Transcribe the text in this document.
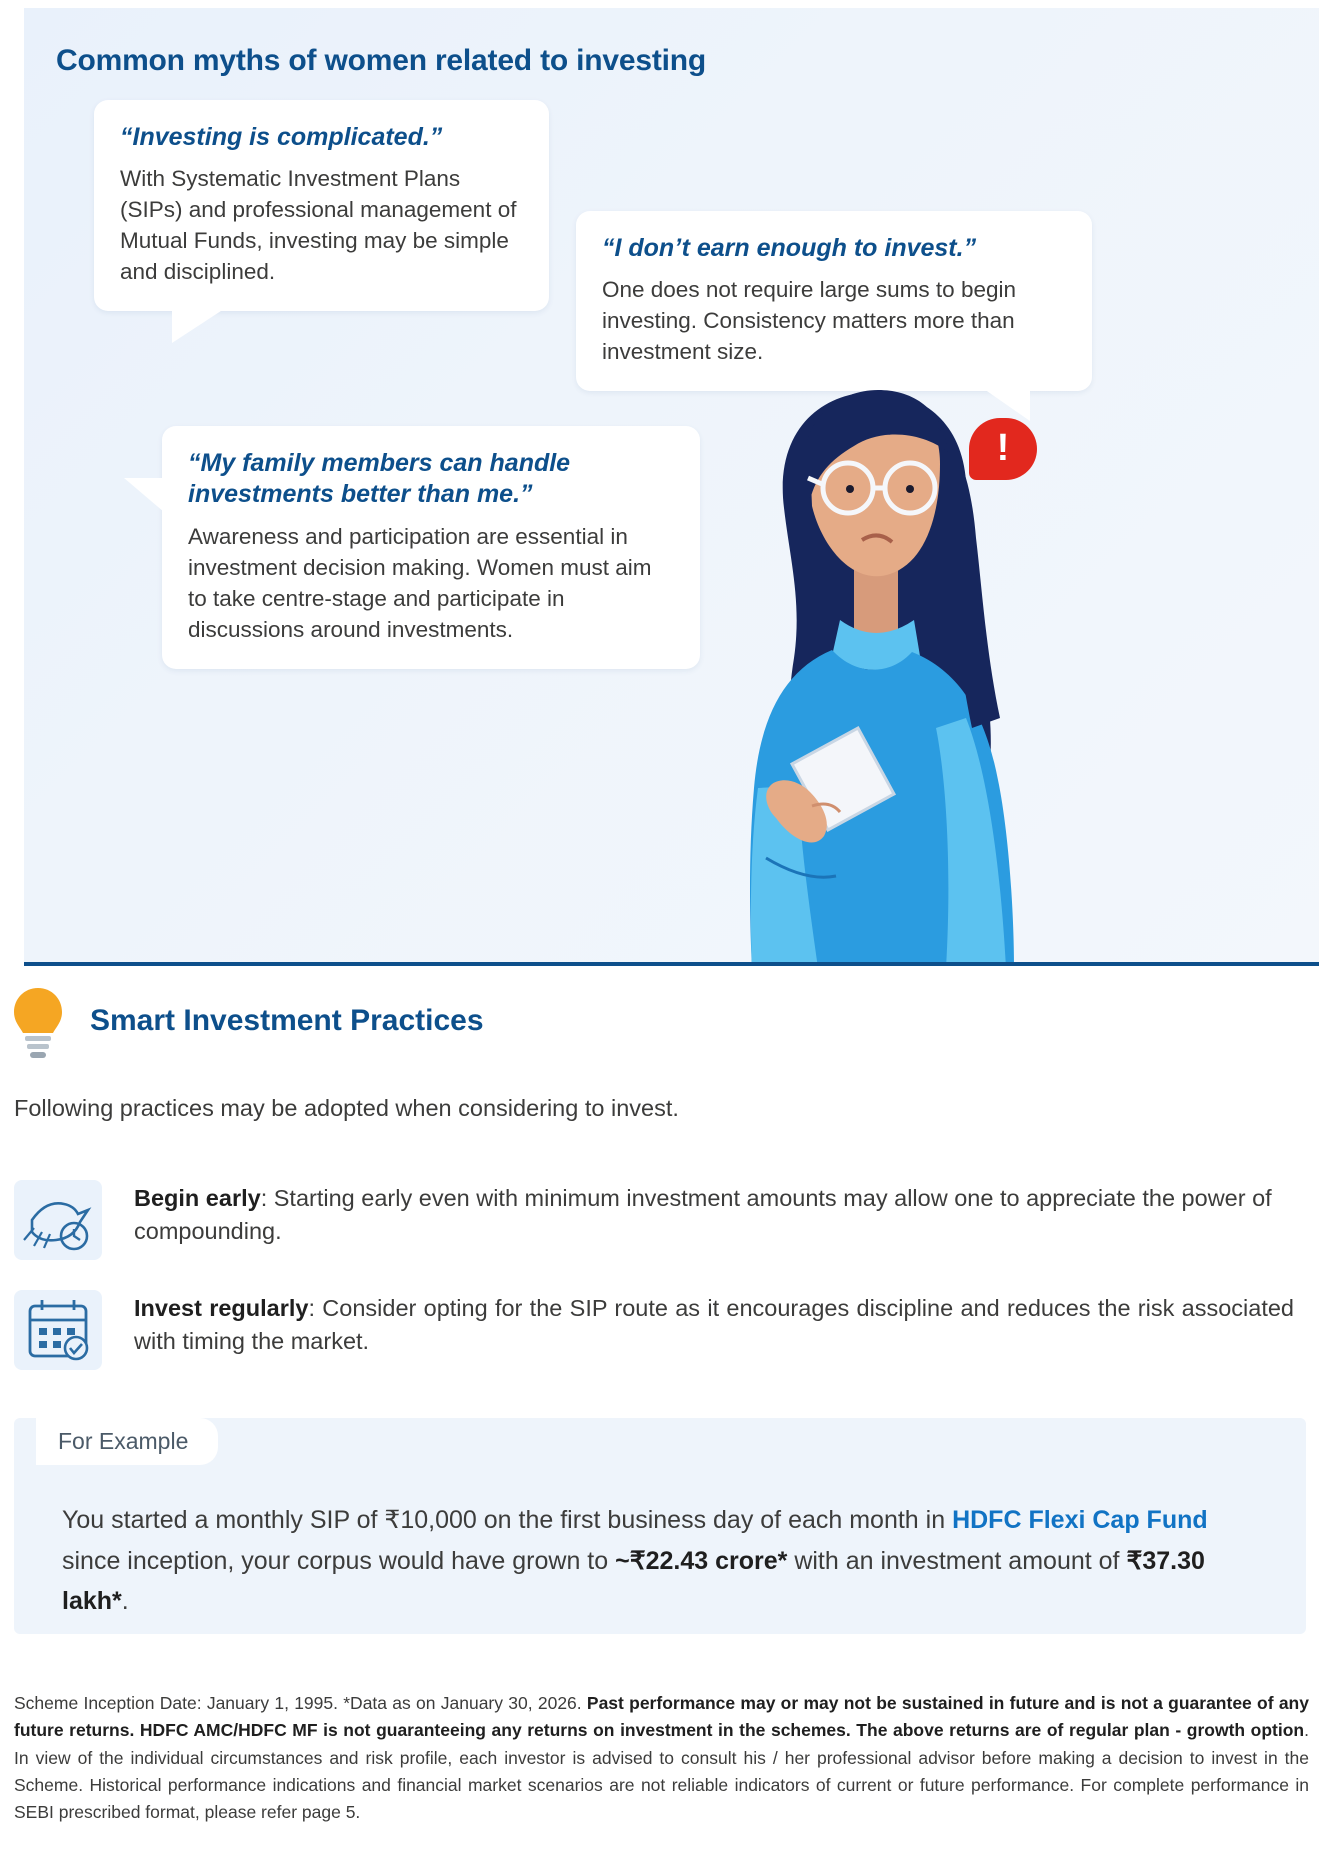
Common myths of women related to investing
“Investing is complicated.”
With Systematic Investment Plans (SIPs) and professional management of Mutual Funds, investing may be simple and disciplined.
“I don’t earn enough to invest.”
One does not require large sums to begin investing. Consistency matters more than investment size.
“My family members can handle investments better than me.”
Awareness and participation are essential in investment decision making. Women must aim to take centre-stage and participate in discussions around investments.
!
Smart Investment Practices
Following practices may be adopted when considering to invest.
Begin early: Starting early even with minimum investment amounts may allow one to appreciate the power of compounding.
Invest regularly: Consider opting for the SIP route as it encourages discipline and reduces the risk associated with timing the market.
For Example
You started a monthly SIP of ₹10,000 on the first business day of each month in HDFC Flexi Cap Fund since inception, your corpus would have grown to ~₹22.43 crore* with an investment amount of ₹37.30 lakh*.
Scheme Inception Date: January 1, 1995. *Data as on January 30, 2026. Past performance may or may not be sustained in future and is not a guarantee of any future returns. HDFC AMC/HDFC MF is not guaranteeing any returns on investment in the schemes. The above returns are of regular plan - growth option. In view of the individual circumstances and risk profile, each investor is advised to consult his / her professional advisor before making a decision to invest in the Scheme. Historical performance indications and financial market scenarios are not reliable indicators of current or future performance. For complete performance in SEBI prescribed format, please refer page 5.
